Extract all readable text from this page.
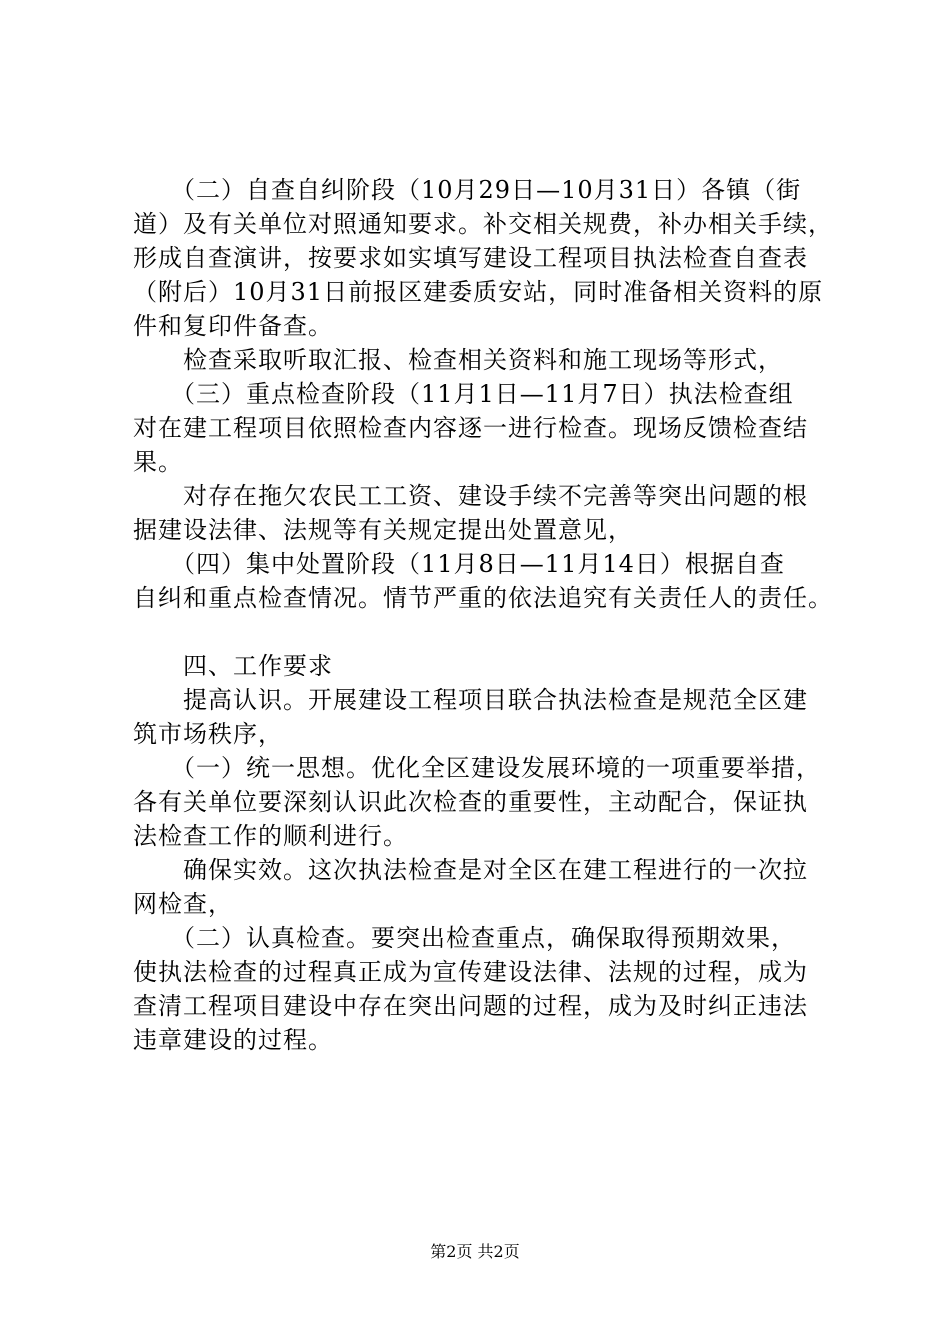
　　（二）自查自纠阶段（10月29日—10月31日）各镇（街
道）及有关单位对照通知要求。补交相关规费，补办相关手续，
形成自查演讲，按要求如实填写建设工程项目执法检查自查表
（附后）10月31日前报区建委质安站，同时准备相关资料的原
件和复印件备查。
　　检查采取听取汇报、检查相关资料和施工现场等形式，
　　（三）重点检查阶段（11月1日—11月7日）执法检查组
对在建工程项目依照检查内容逐一进行检查。现场反馈检查结
果。
　　对存在拖欠农民工工资、建设手续不完善等突出问题的根
据建设法律、法规等有关规定提出处置意见，
　　（四）集中处置阶段（11月8日—11月14日）根据自查
自纠和重点检查情况。情节严重的依法追究有关责任人的责任。
　　四、工作要求
　　提高认识。开展建设工程项目联合执法检查是规范全区建
筑市场秩序，
　　（一）统一思想。优化全区建设发展环境的一项重要举措，
各有关单位要深刻认识此次检查的重要性，主动配合，保证执
法检查工作的顺利进行。
　　确保实效。这次执法检查是对全区在建工程进行的一次拉
网检查，
　　（二）认真检查。要突出检查重点，确保取得预期效果，
使执法检查的过程真正成为宣传建设法律、法规的过程，成为
查清工程项目建设中存在突出问题的过程，成为及时纠正违法
违章建设的过程。
第2页 共2页
